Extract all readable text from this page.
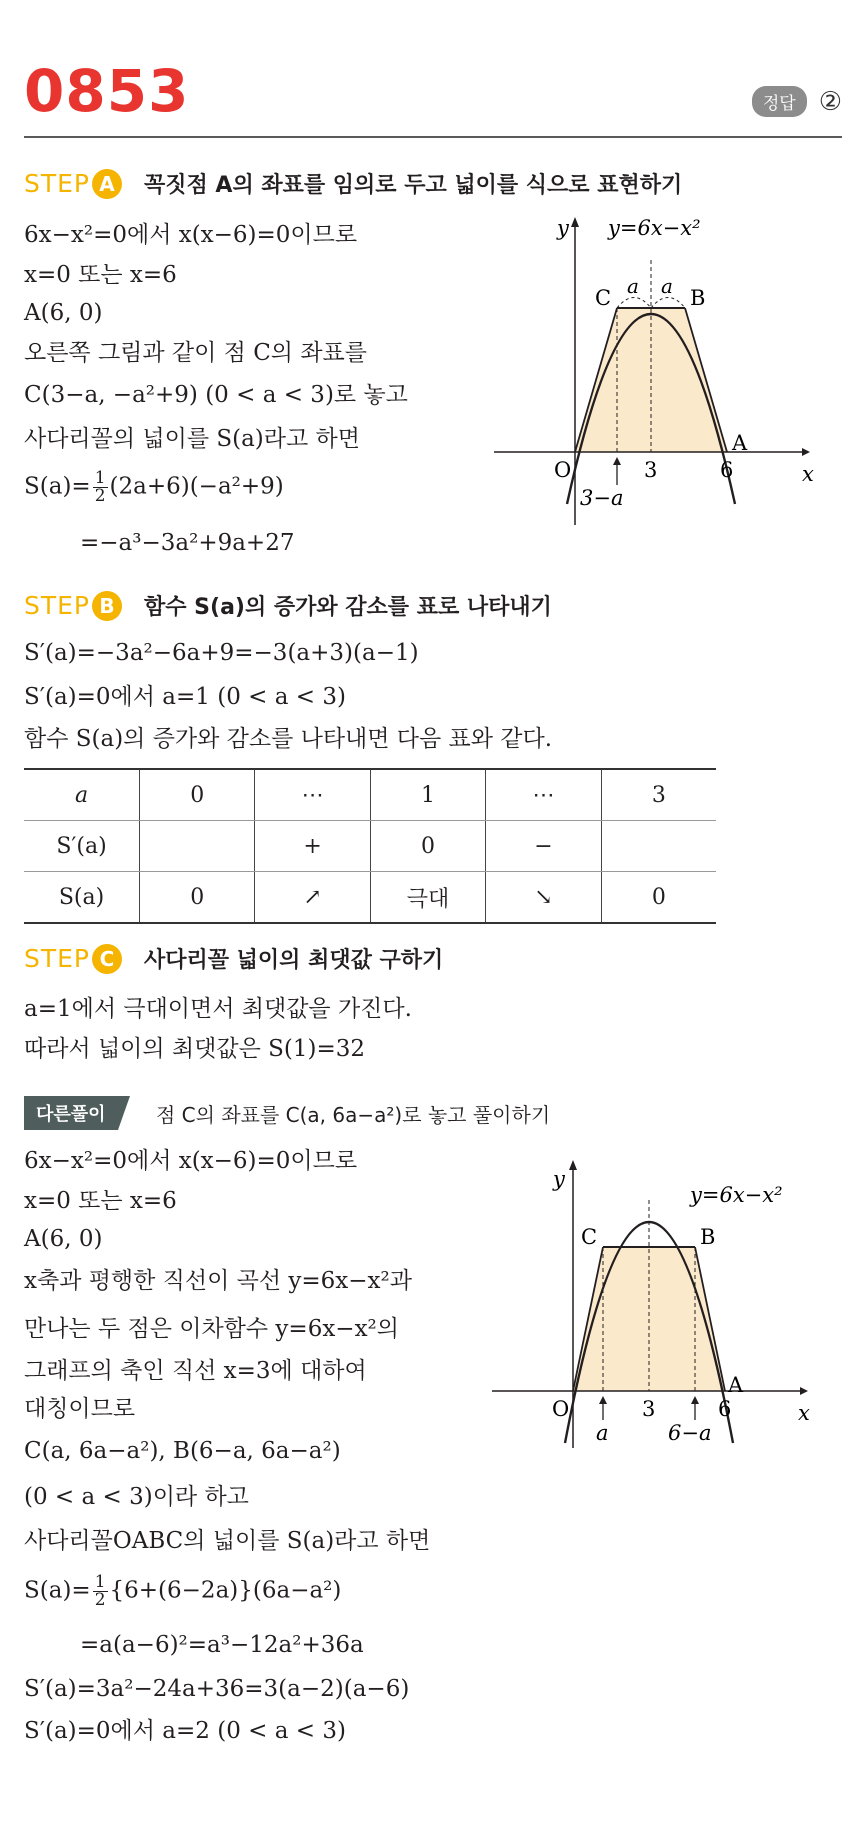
0853	정답 ②
STEP A	꼭짓점 A의 좌표를 임의로 두고 넓이를 식으로 표현하기
6x−x²=0에서 x(x−6)=0이므로
x=0 또는 x=6
A(6, 0)
오른쪽 그림과 같이 점 C의 좌표를
C(3−a, −a²+9) (0 < a < 3)로 놓고
사다리꼴의 넓이를 S(a)라고 하면
$S(a)= \frac{1}{2} (2a+6)(-a^2+9)$
=−a³−3a²+9a+27
y
x
y=6x−x²
C	B
A
O
a a
3	6
3−a
STEP B	함수 S(a)의 증가와 감소를 표로 나타내기
S′(a)=−3a²−6a+9=−3(a+3)(a−1)
S′(a)=0에서 a=1 (0 < a < 3)
함수 S(a)의 증가와 감소를 나타내면 다음 표와 같다.
a	0	⋯	1	⋯	3
S′(a)		+	0	−	
S(a)	0	↗	극대	↘	0
STEP C	사다리꼴 넓이의 최댓값 구하기
a=1에서 극대이면서 최댓값을 가진다.
따라서 넓이의 최댓값은 S(1)=32
다른풀이	점 C의 좌표를 C(a, 6a−a²)로 놓고 풀이하기
6x−x²=0에서 x(x−6)=0이므로
x=0 또는 x=6
A(6, 0)
x축과 평행한 직선이 곡선 y=6x−x²과
만나는 두 점은 이차함수 y=6x−x²의
그래프의 축인 직선 x=3에 대하여
대칭이므로
C(a, 6a−a²), B(6−a, 6a−a²)
(0 < a < 3)이라 하고
사다리꼴OABC의 넓이를 S(a)라고 하면
$S(a)= \frac{1}{2} \{6+(6-2a)\}(6a-a^2)$
=a(a−6)²=a³−12a²+36a
S′(a)=3a²−24a+36=3(a−2)(a−6)
S′(a)=0에서 a=2 (0 < a < 3)
y
x
y=6x−x²
C	B
A
O	3	6
a	6−a
